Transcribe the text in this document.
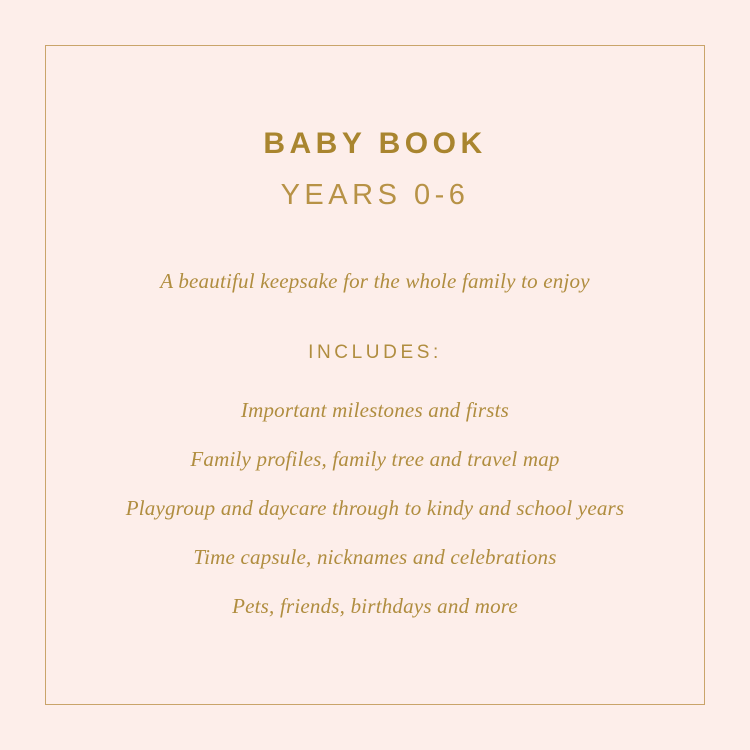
BABY BOOK
YEARS 0-6
A beautiful keepsake for the whole family to enjoy
INCLUDES:
Important milestones and firsts
Family profiles, family tree and travel map
Playgroup and daycare through to kindy and school years
Time capsule, nicknames and celebrations
Pets, friends, birthdays and more
